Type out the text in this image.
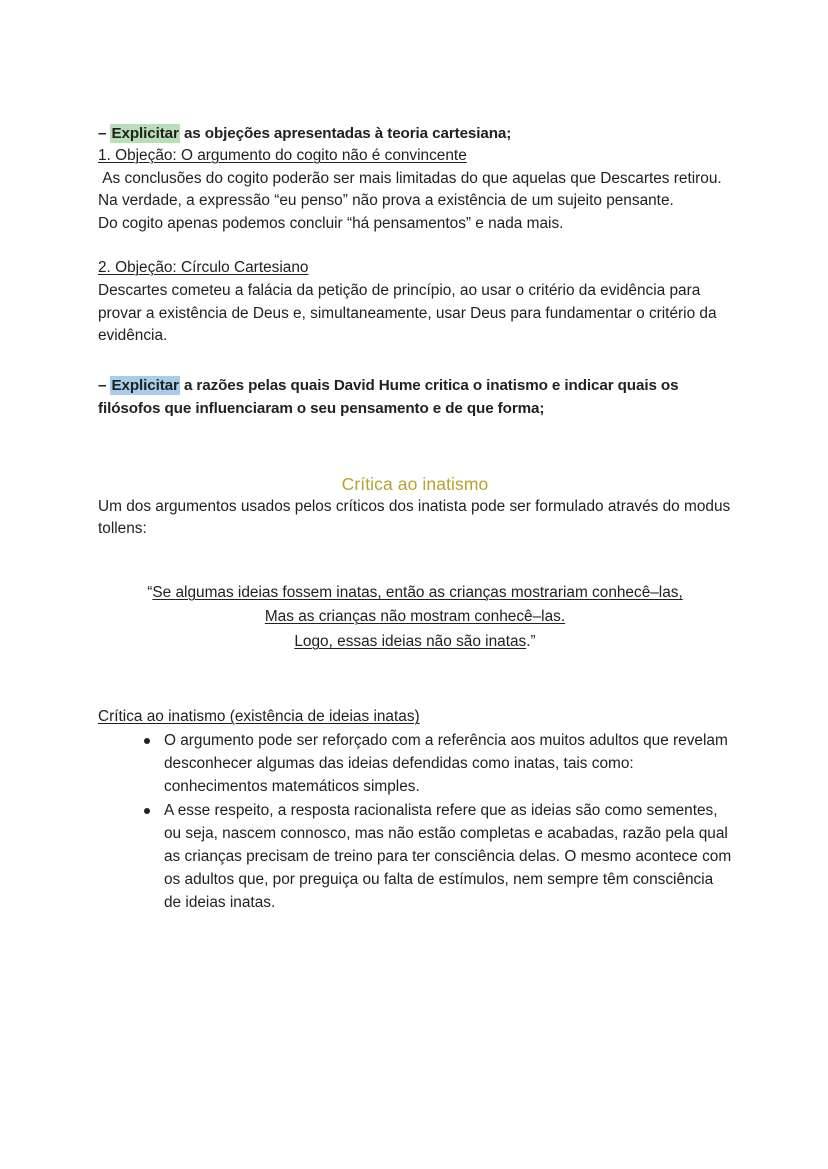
– Explicitar as objeções apresentadas à teoria cartesiana;

1. Objeção: O argumento do cogito não é convincente

As conclusões do cogito poderão ser mais limitadas do que aquelas que Descartes retirou. Na verdade, a expressão “eu penso” não prova a existência de um sujeito pensante.

Do cogito apenas podemos concluir “há pensamentos” e nada mais.

2. Objeção: Círculo Cartesiano

Descartes cometeu a falácia da petição de princípio, ao usar o critério da evidência para provar a existência de Deus e, simultaneamente, usar Deus para fundamentar o critério da evidência.

– Explicitar a razões pelas quais David Hume critica o inatismo e indicar quais os filósofos que influenciaram o seu pensamento e de que forma;

Crítica ao inatismo

Um dos argumentos usados pelos críticos dos inatista pode ser formulado através do modus tollens:

“Se algumas ideias fossem inatas, então as crianças mostrariam conhecê–las,
Mas as crianças não mostram conhecê–las.
Logo, essas ideias não são inatas.”

Crítica ao inatismo (existência de ideias inatas)

O argumento pode ser reforçado com a referência aos muitos adultos que revelam desconhecer algumas das ideias defendidas como inatas, tais como: conhecimentos matemáticos simples.
A esse respeito, a resposta racionalista refere que as ideias são como sementes, ou seja, nascem connosco, mas não estão completas e acabadas, razão pela qual as crianças precisam de treino para ter consciência delas. O mesmo acontece com os adultos que, por preguiça ou falta de estímulos, nem sempre têm consciência de ideias inatas.
